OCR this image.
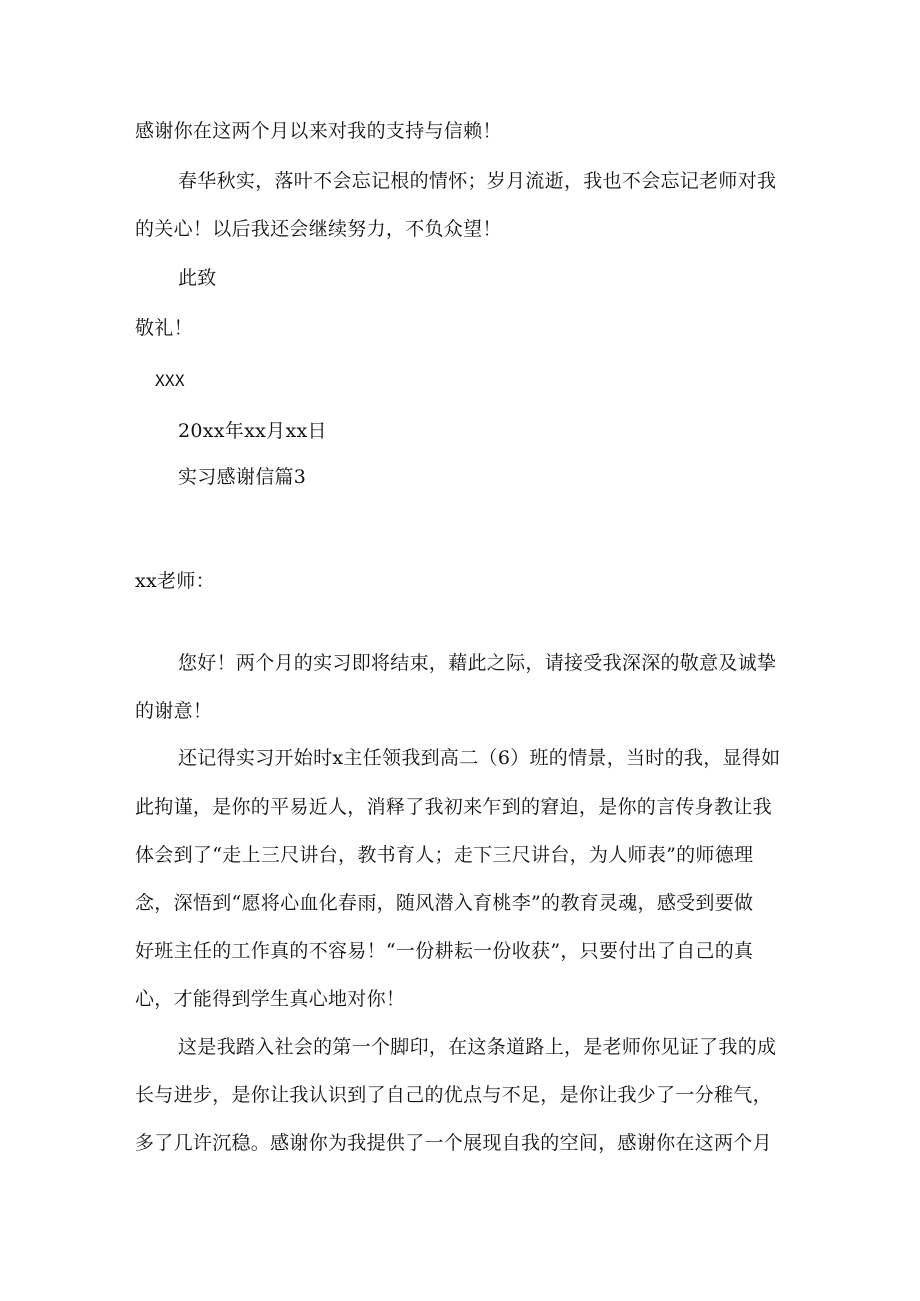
感谢你在这两个月以来对我的支持与信赖！
春华秋实，落叶不会忘记根的情怀；岁月流逝，我也不会忘记老师对我
的关心！以后我还会继续努力，不负众望！
此致
敬礼！
XXX
20xx年xx月xx日
实习感谢信篇3
xx老师：
您好！两个月的实习即将结束，藉此之际，请接受我深深的敬意及诚挚
的谢意！
还记得实习开始时x主任领我到高二（6）班的情景，当时的我，显得如
此拘谨，是你的平易近人，消释了我初来乍到的窘迫，是你的言传身教让我
体会到了“走上三尺讲台，教书育人；走下三尺讲台，为人师表”的师德理
念，深悟到“愿将心血化春雨，随风潜入育桃李”的教育灵魂，感受到要做
好班主任的工作真的不容易！“一份耕耘一份收获”，只要付出了自己的真
心，才能得到学生真心地对你！
这是我踏入社会的第一个脚印，在这条道路上，是老师你见证了我的成
长与进步，是你让我认识到了自己的优点与不足，是你让我少了一分稚气，
多了几许沉稳。感谢你为我提供了一个展现自我的空间，感谢你在这两个月
